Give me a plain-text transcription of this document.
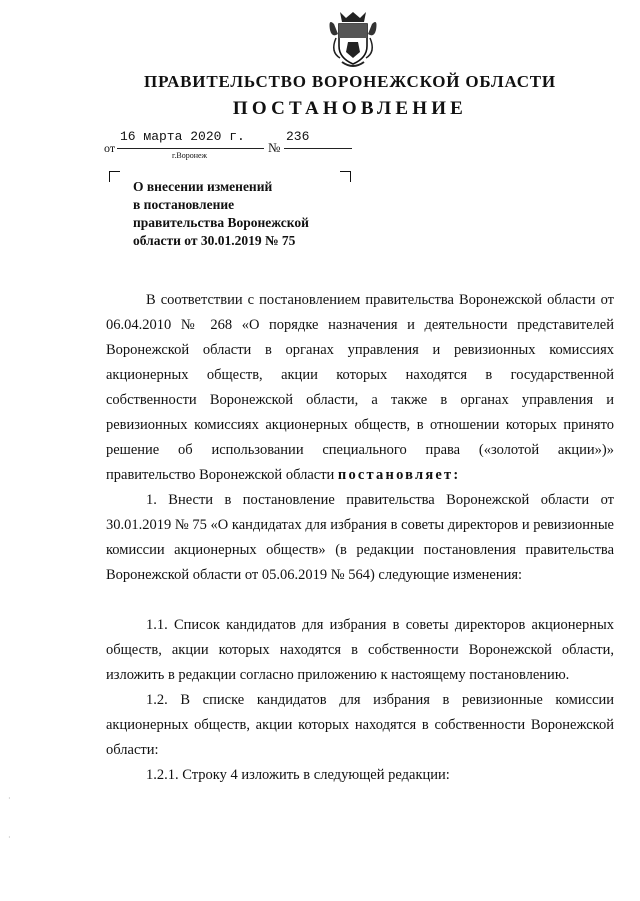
ПРАВИТЕЛЬСТВО ВОРОНЕЖСКОЙ ОБЛАСТИ
ПОСТАНОВЛЕНИЕ
от
16 марта 2020 г.
№
236
г.Воронеж
О внесении изменений
в постановление
правительства Воронежской
области от 30.01.2019 № 75
В соответствии с постановлением правительства Воронежской области от 06.04.2010 № 268 «О порядке назначения и деятельности представителей Воронежской области в органах управления и ревизионных комиссиях акционерных обществ, акции которых находятся в государственной собственности Воронежской области, а также в органах управления и ревизионных комиссиях акционерных обществ, в отношении которых принято решение об использовании специального права («золотой акции»)» правительство Воронежской области постановляет:
1. Внести в постановление правительства Воронежской области от 30.01.2019 № 75 «О кандидатах для избрания в советы директоров и ревизионные комиссии акционерных обществ» (в редакции постановления правительства Воронежской области от 05.06.2019 № 564) следующие изменения:
1.1. Список кандидатов для избрания в советы директоров акционерных обществ, акции которых находятся в собственности Воронежской области, изложить в редакции согласно приложению к настоящему постановлению.
1.2. В списке кандидатов для избрания в ревизионные комиссии акционерных обществ, акции которых находятся в собственности Воронежской области:
1.2.1. Строку 4 изложить в следующей редакции:
·
·
